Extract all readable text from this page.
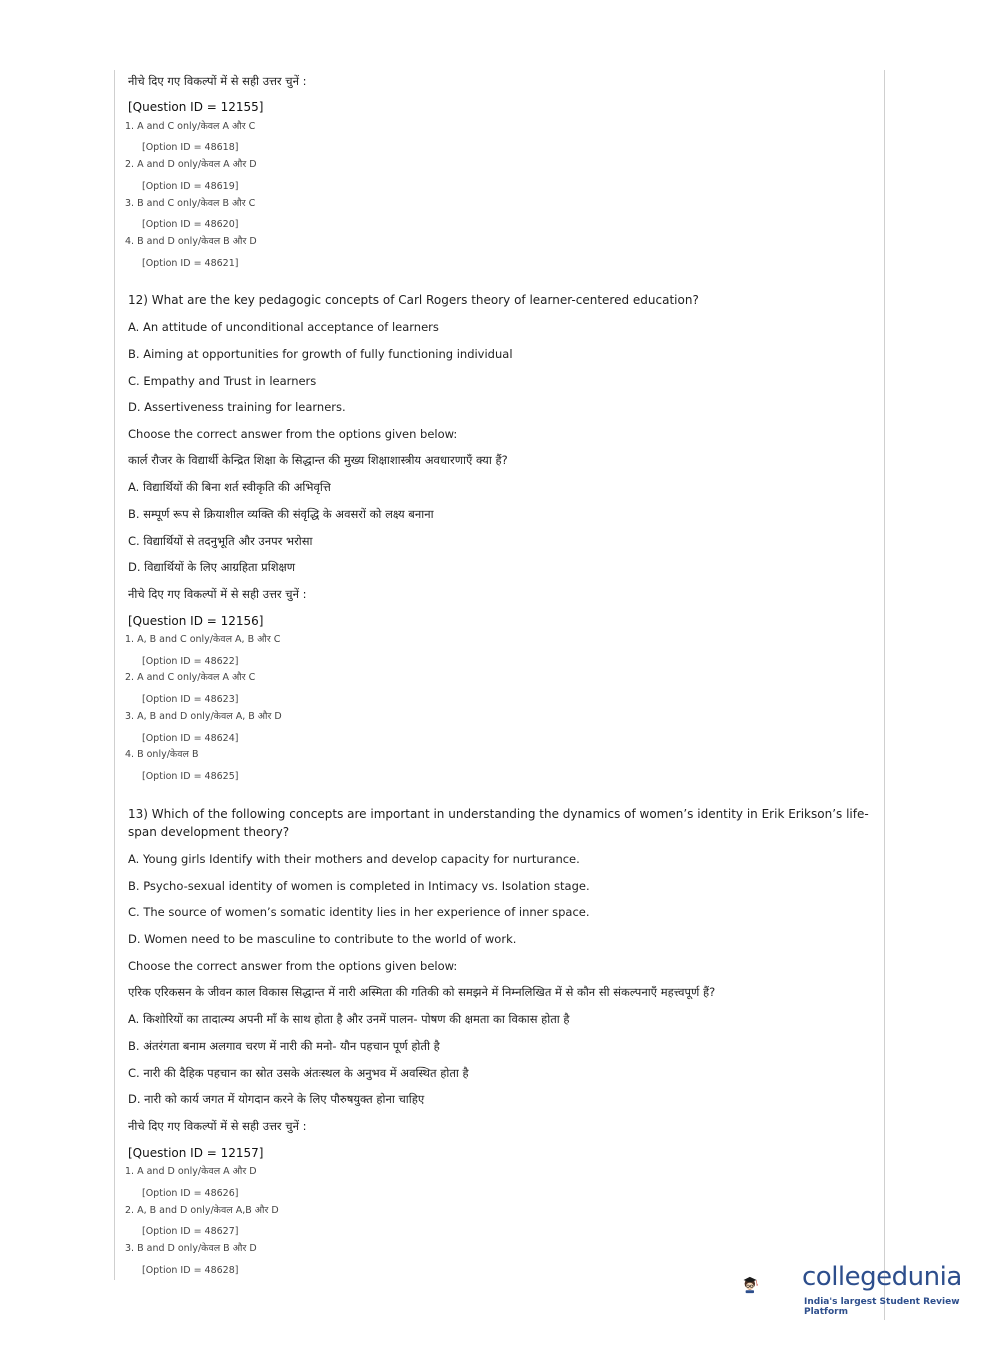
नीचे दिए गए विकल्पों में से सही उत्तर चुनें :
[Question ID = 12155]
1. A and C only/केवल A और C
[Option ID = 48618]
2. A and D only/केवल A और D
[Option ID = 48619]
3. B and C only/केवल B और C
[Option ID = 48620]
4. B and D only/केवल B और D
[Option ID = 48621]
12) What are the key pedagogic concepts of Carl Rogers theory of learner-centered education?
A. An attitude of unconditional acceptance of learners
B. Aiming at opportunities for growth of fully functioning individual
C. Empathy and Trust in learners
D. Assertiveness training for learners.
Choose the correct answer from the options given below:
कार्ल रौजर के विद्यार्थी केन्द्रित शिक्षा के सिद्धान्त की मुख्य शिक्षाशास्त्रीय अवधारणाएँ क्या हैं?
A. विद्यार्थियों की बिना शर्त स्वीकृति की अभिवृत्ति
B. सम्पूर्ण रूप से क्रियाशील व्यक्ति की संवृद्धि के अवसरों को लक्ष्य बनाना
C. विद्यार्थियों से तदनुभूति और उनपर भरोसा
D. विद्यार्थियों के लिए आग्रहिता प्रशिक्षण
नीचे दिए गए विकल्पों में से सही उत्तर चुनें :
[Question ID = 12156]
1. A, B and C only/केवल A, B और C
[Option ID = 48622]
2. A and C only/केवल A और C
[Option ID = 48623]
3. A, B and D only/केवल A, B और D
[Option ID = 48624]
4. B only/केवल B
[Option ID = 48625]
13) Which of the following concepts are important in understanding the dynamics of women’s identity in Erik Erikson’s life-
span development theory?
A. Young girls Identify with their mothers and develop capacity for nurturance.
B. Psycho-sexual identity of women is completed in Intimacy vs. Isolation stage.
C. The source of women’s somatic identity lies in her experience of inner space.
D. Women need to be masculine to contribute to the world of work.
Choose the correct answer from the options given below:
एरिक एरिकसन के जीवन काल विकास सिद्धान्त में नारी अस्मिता की गतिकी को समझने में निम्नलिखित में से कौन सी संकल्पनाएँ महत्त्वपूर्ण हैं?
A. किशोरियों का तादात्म्य अपनी माँ के साथ होता है और उनमें पालन- पोषण की क्षमता का विकास होता है
B. अंतरंगता बनाम अलगाव चरण में नारी की मनो- यौन पहचान पूर्ण होती है
C. नारी की दैहिक पहचान का स्रोत उसके अंतःस्थल के अनुभव में अवस्थित होता है
D. नारी को कार्य जगत में योगदान करने के लिए पौरुषयुक्त होना चाहिए
नीचे दिए गए विकल्पों में से सही उत्तर चुनें :
[Question ID = 12157]
1. A and D only/केवल A और D
[Option ID = 48626]
2. A, B and D only/केवल A,B और D
[Option ID = 48627]
3. B and D only/केवल B और D
[Option ID = 48628]	collegedunia
India's largest Student Review Platform
